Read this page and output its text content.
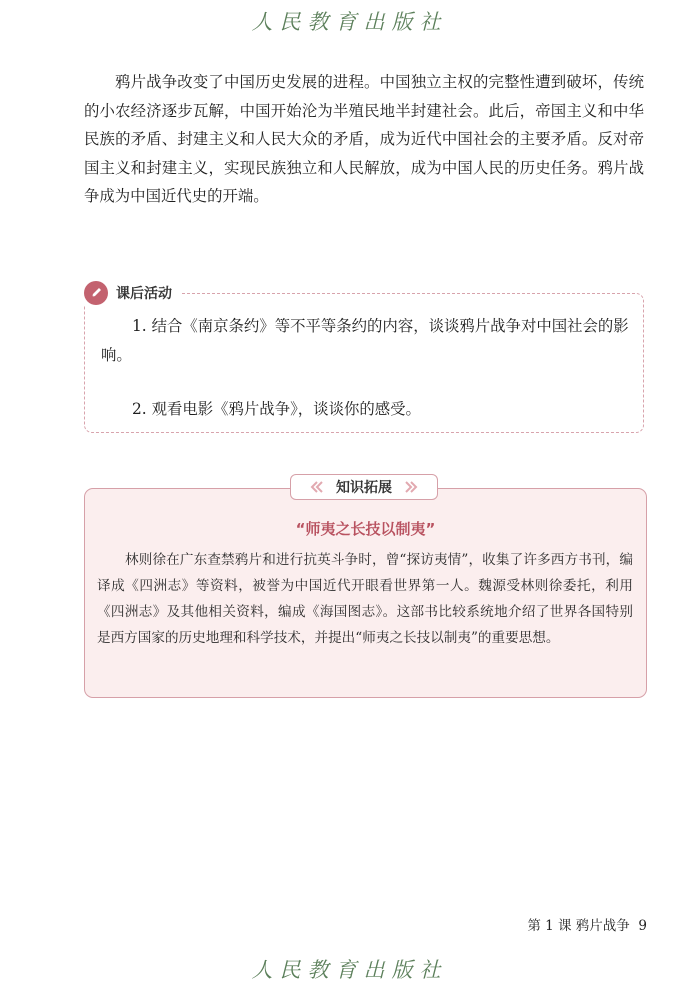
人民教育出版社

鸦片战争改变了中国历史发展的进程。中国独立主权的完整性遭到破坏，传统的小农经济逐步瓦解，中国开始沦为半殖民地半封建社会。此后，帝国主义和中华民族的矛盾、封建主义和人民大众的矛盾，成为近代中国社会的主要矛盾。反对帝国主义和封建主义，实现民族独立和人民解放，成为中国人民的历史任务。鸦片战争成为中国近代史的开端。

课后活动

1. 结合《南京条约》等不平等条约的内容，谈谈鸦片战争对中国社会的影响。

2. 观看电影《鸦片战争》，谈谈你的感受。

知识拓展
“师夷之长技以制夷”

林则徐在广东查禁鸦片和进行抗英斗争时，曾“探访夷情”，收集了许多西方书刊，编译成《四洲志》等资料，被誉为中国近代开眼看世界第一人。魏源受林则徐委托，利用《四洲志》及其他相关资料，编成《海国图志》。这部书比较系统地介绍了世界各国特别是西方国家的历史地理和科学技术，并提出“师夷之长技以制夷”的重要思想。

第 1 课 鸦片战争 9
人民教育出版社
